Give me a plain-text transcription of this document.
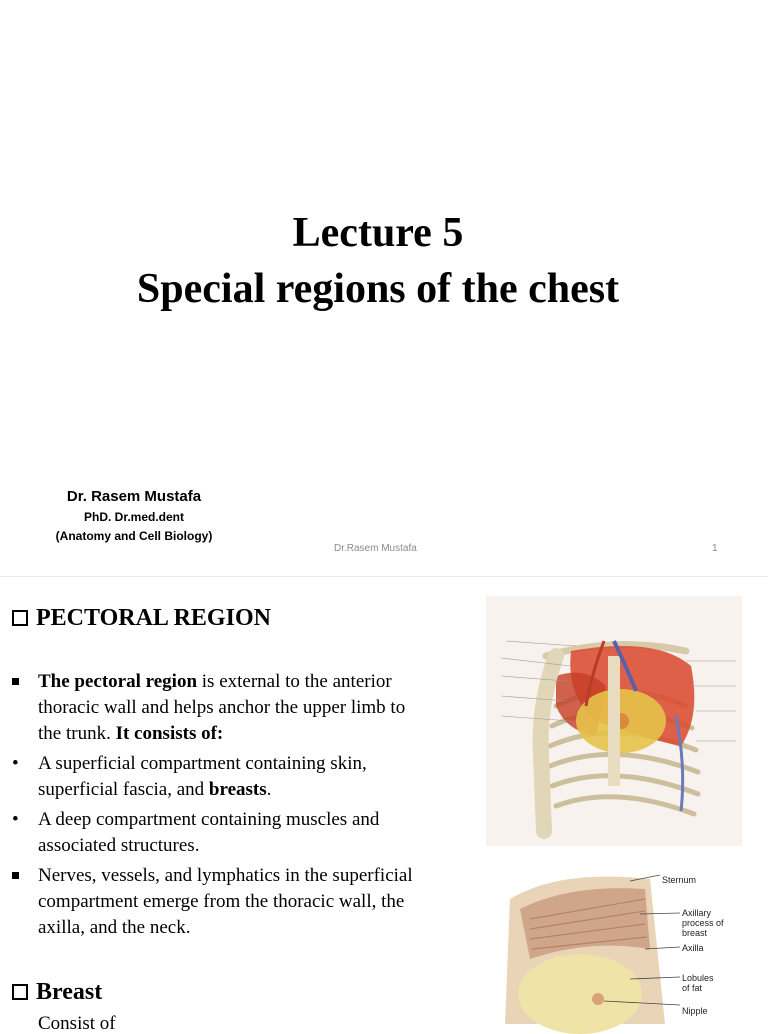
Lecture 5
Special regions of the chest
Dr. Rasem Mustafa
PhD. Dr.med.dent
(Anatomy and Cell Biology)
Dr.Rasem Mustafa	1
PECTORAL REGION
The pectoral region is external to the anterior thoracic wall and helps anchor the upper limb to the trunk. It consists of:
•
A superficial compartment containing skin, superficial fascia, and breasts.
•
A deep compartment containing muscles and associated structures.
Nerves, vessels, and lymphatics in the superficial compartment emerge from the thoracic wall, the axilla, and the neck.
Breast
Consist of
Sternum
Axillary process of breast
Axilla
Lobules of fat
Nipple
